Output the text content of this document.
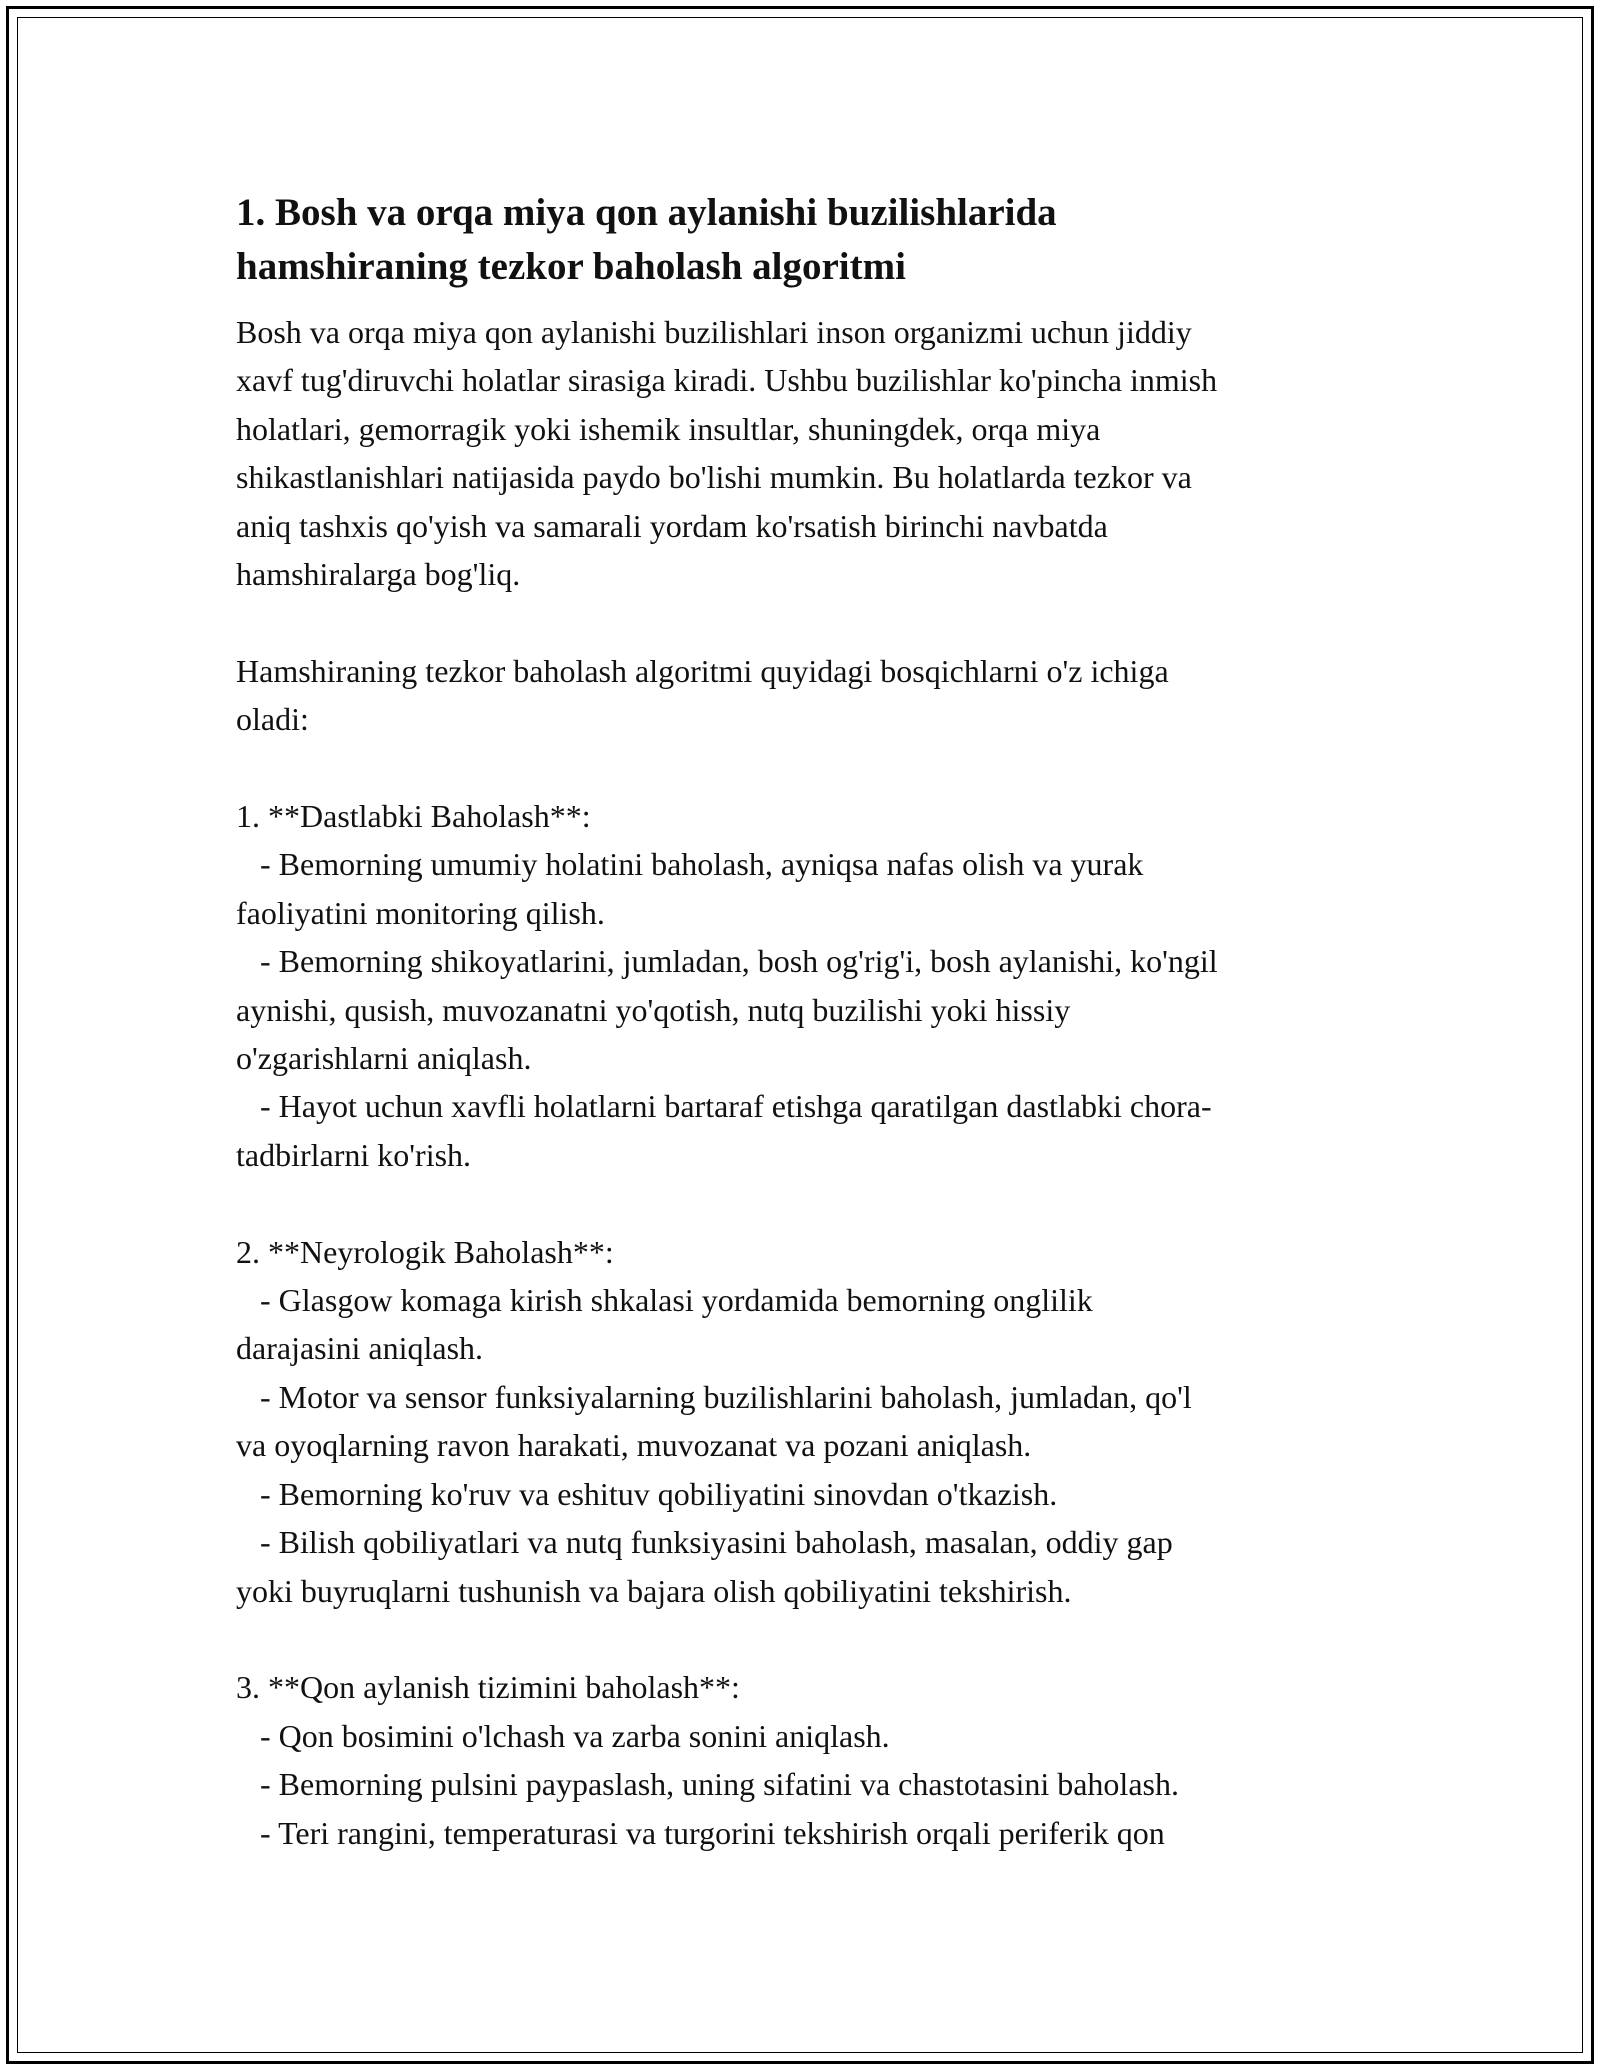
1. Bosh va orqa miya qon aylanishi buzilishlarida
hamshiraning tezkor baholash algoritmi

Bosh va orqa miya qon aylanishi buzilishlari inson organizmi uchun jiddiy

xavf tug'diruvchi holatlar sirasiga kiradi. Ushbu buzilishlar ko'pincha inmish

holatlari, gemorragik yoki ishemik insultlar, shuningdek, orqa miya

shikastlanishlari natijasida paydo bo'lishi mumkin. Bu holatlarda tezkor va

aniq tashxis qo'yish va samarali yordam ko'rsatish birinchi navbatda

hamshiralarga bog'liq.

Hamshiraning tezkor baholash algoritmi quyidagi bosqichlarni o'z ichiga

oladi:

1. **Dastlabki Baholash**:

- Bemorning umumiy holatini baholash, ayniqsa nafas olish va yurak

faoliyatini monitoring qilish.

- Bemorning shikoyatlarini, jumladan, bosh og'rig'i, bosh aylanishi, ko'ngil

aynishi, qusish, muvozanatni yo'qotish, nutq buzilishi yoki hissiy

o'zgarishlarni aniqlash.

- Hayot uchun xavfli holatlarni bartaraf etishga qaratilgan dastlabki chora-

tadbirlarni ko'rish.

2. **Neyrologik Baholash**:

- Glasgow komaga kirish shkalasi yordamida bemorning onglilik

darajasini aniqlash.

- Motor va sensor funksiyalarning buzilishlarini baholash, jumladan, qo'l

va oyoqlarning ravon harakati, muvozanat va pozani aniqlash.

- Bemorning ko'ruv va eshituv qobiliyatini sinovdan o'tkazish.

- Bilish qobiliyatlari va nutq funksiyasini baholash, masalan, oddiy gap

yoki buyruqlarni tushunish va bajara olish qobiliyatini tekshirish.

3. **Qon aylanish tizimini baholash**:

- Qon bosimini o'lchash va zarba sonini aniqlash.

- Bemorning pulsini paypaslash, uning sifatini va chastotasini baholash.

- Teri rangini, temperaturasi va turgorini tekshirish orqali periferik qon
